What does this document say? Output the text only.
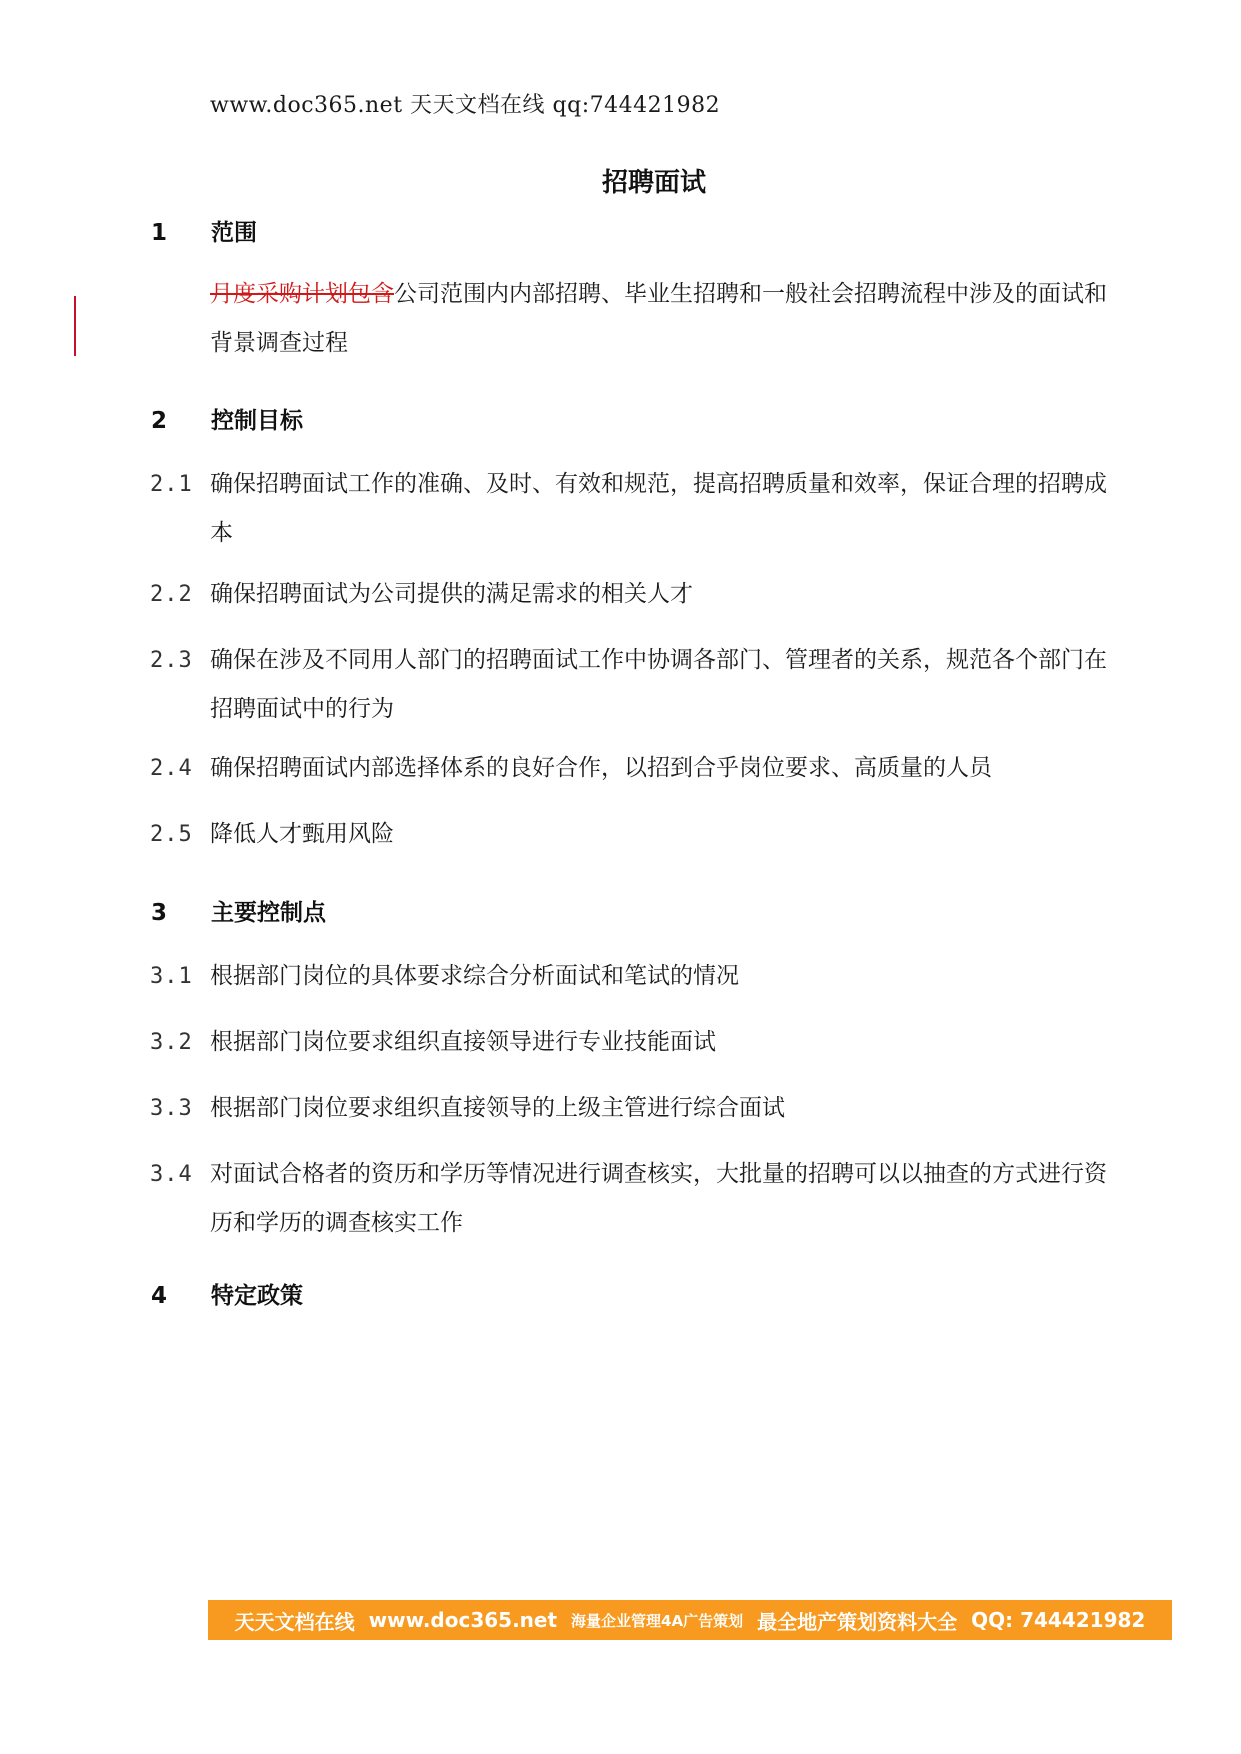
www.doc365.net 天天文档在线 qq:744421982
招聘面试
1 范围
月度采购计划包含公司范围内内部招聘、毕业生招聘和一般社会招聘流程中涉及的面试和背景调查过程
2 控制目标
2.1 确保招聘面试工作的准确、及时、有效和规范，提高招聘质量和效率，保证合理的招聘成本
2.2 确保招聘面试为公司提供的满足需求的相关人才
2.3 确保在涉及不同用人部门的招聘面试工作中协调各部门、管理者的关系，规范各个部门在招聘面试中的行为
2.4 确保招聘面试内部选择体系的良好合作，以招到合乎岗位要求、高质量的人员
2.5 降低人才甄用风险
3 主要控制点
3.1 根据部门岗位的具体要求综合分析面试和笔试的情况
3.2 根据部门岗位要求组织直接领导进行专业技能面试
3.3 根据部门岗位要求组织直接领导的上级主管进行综合面试
3.4 对面试合格者的资历和学历等情况进行调查核实，大批量的招聘可以以抽查的方式进行资历和学历的调查核实工作
4 特定政策
天天文档在线 www.doc365.net 海量企业管理4A广告策划 最全地产策划资料大全 QQ: 744421982
